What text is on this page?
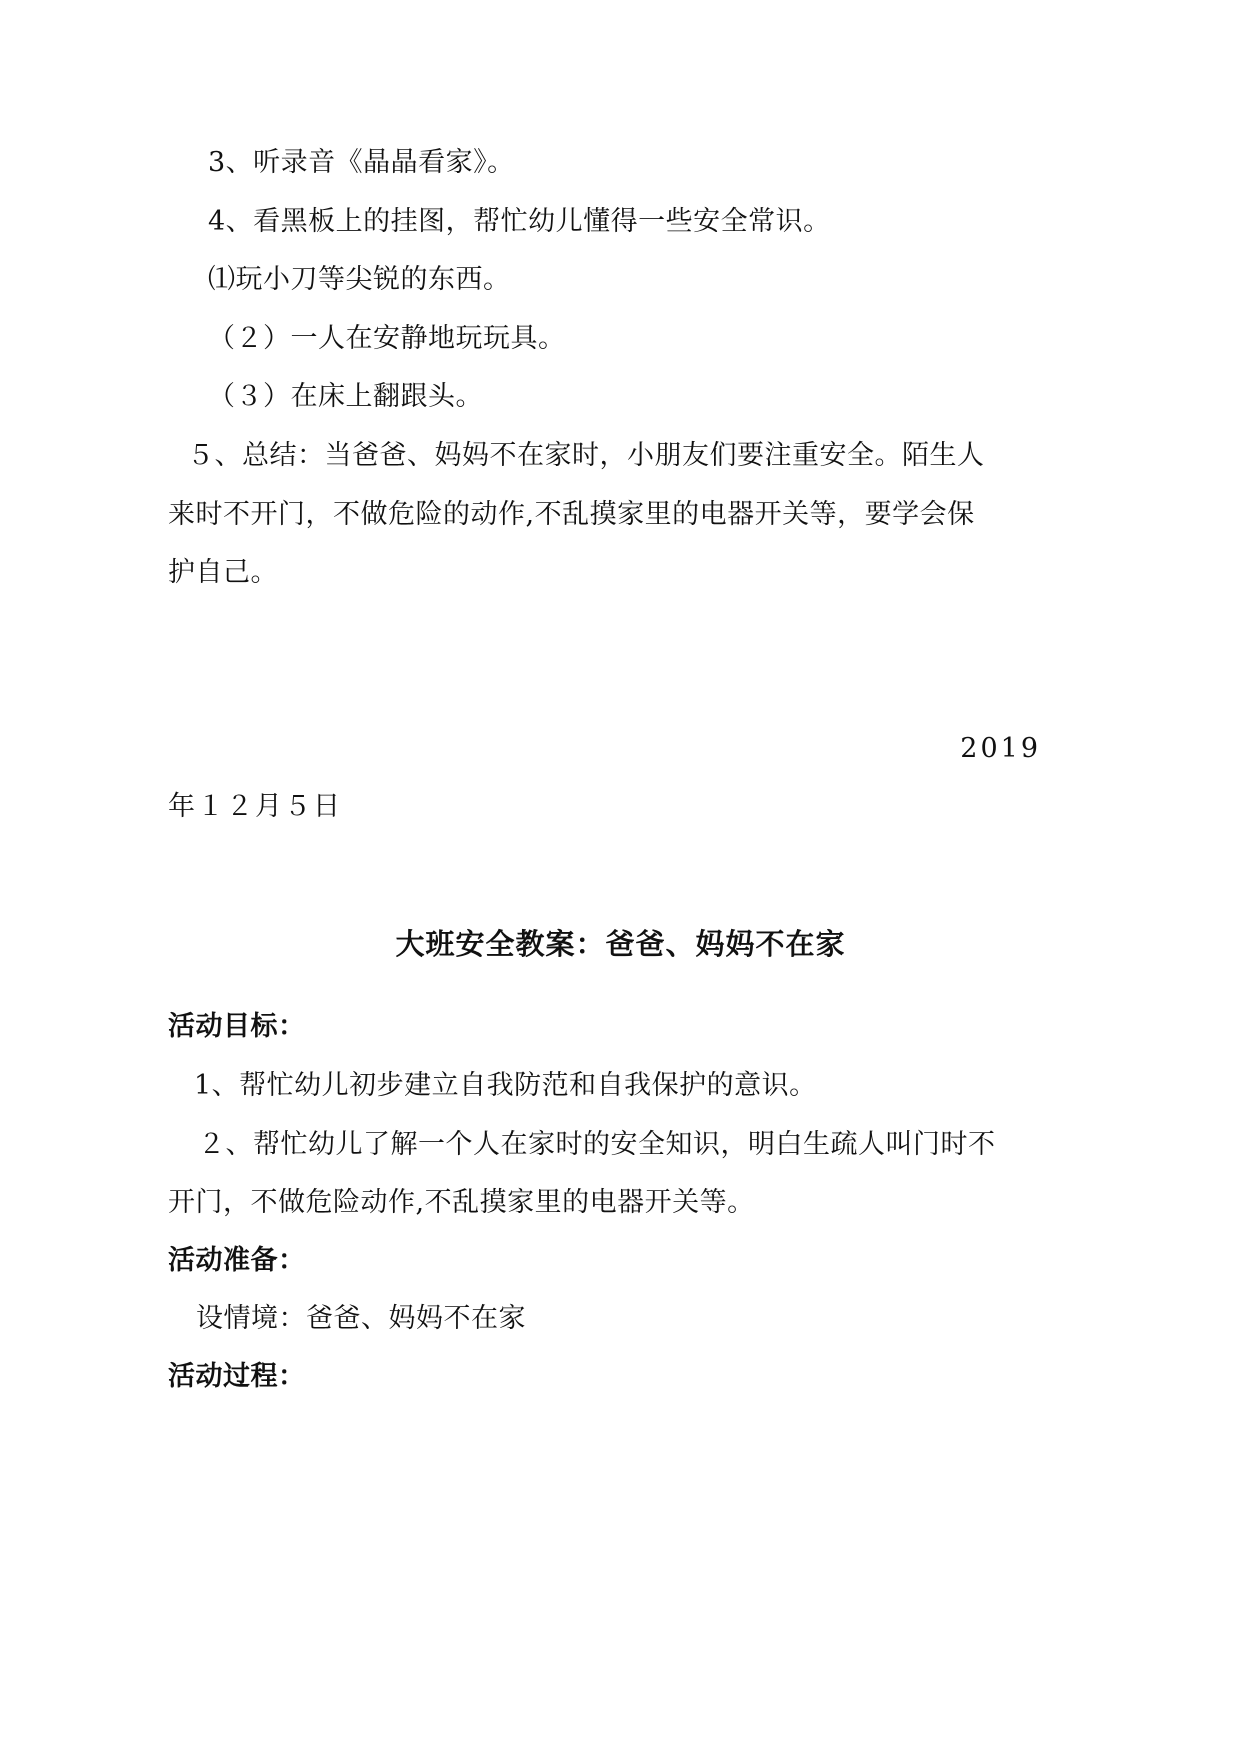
3、听录音《晶晶看家》。
4、看黑板上的挂图，帮忙幼儿懂得一些安全常识。
⑴玩小刀等尖锐的东西。
（２）一人在安静地玩玩具。
（３）在床上翻跟头。
５、总结：当爸爸、妈妈不在家时，小朋友们要注重安全。陌生人
来时不开门，不做危险的动作,不乱摸家里的电器开关等，要学会保
护自己。
2019
年１２月５日
大班安全教案：爸爸、妈妈不在家
活动目标：
1、帮忙幼儿初步建立自我防范和自我保护的意识。
２、帮忙幼儿了解一个人在家时的安全知识，明白生疏人叫门时不
开门，不做危险动作,不乱摸家里的电器开关等。
活动准备：
设情境：爸爸、妈妈不在家
活动过程：
